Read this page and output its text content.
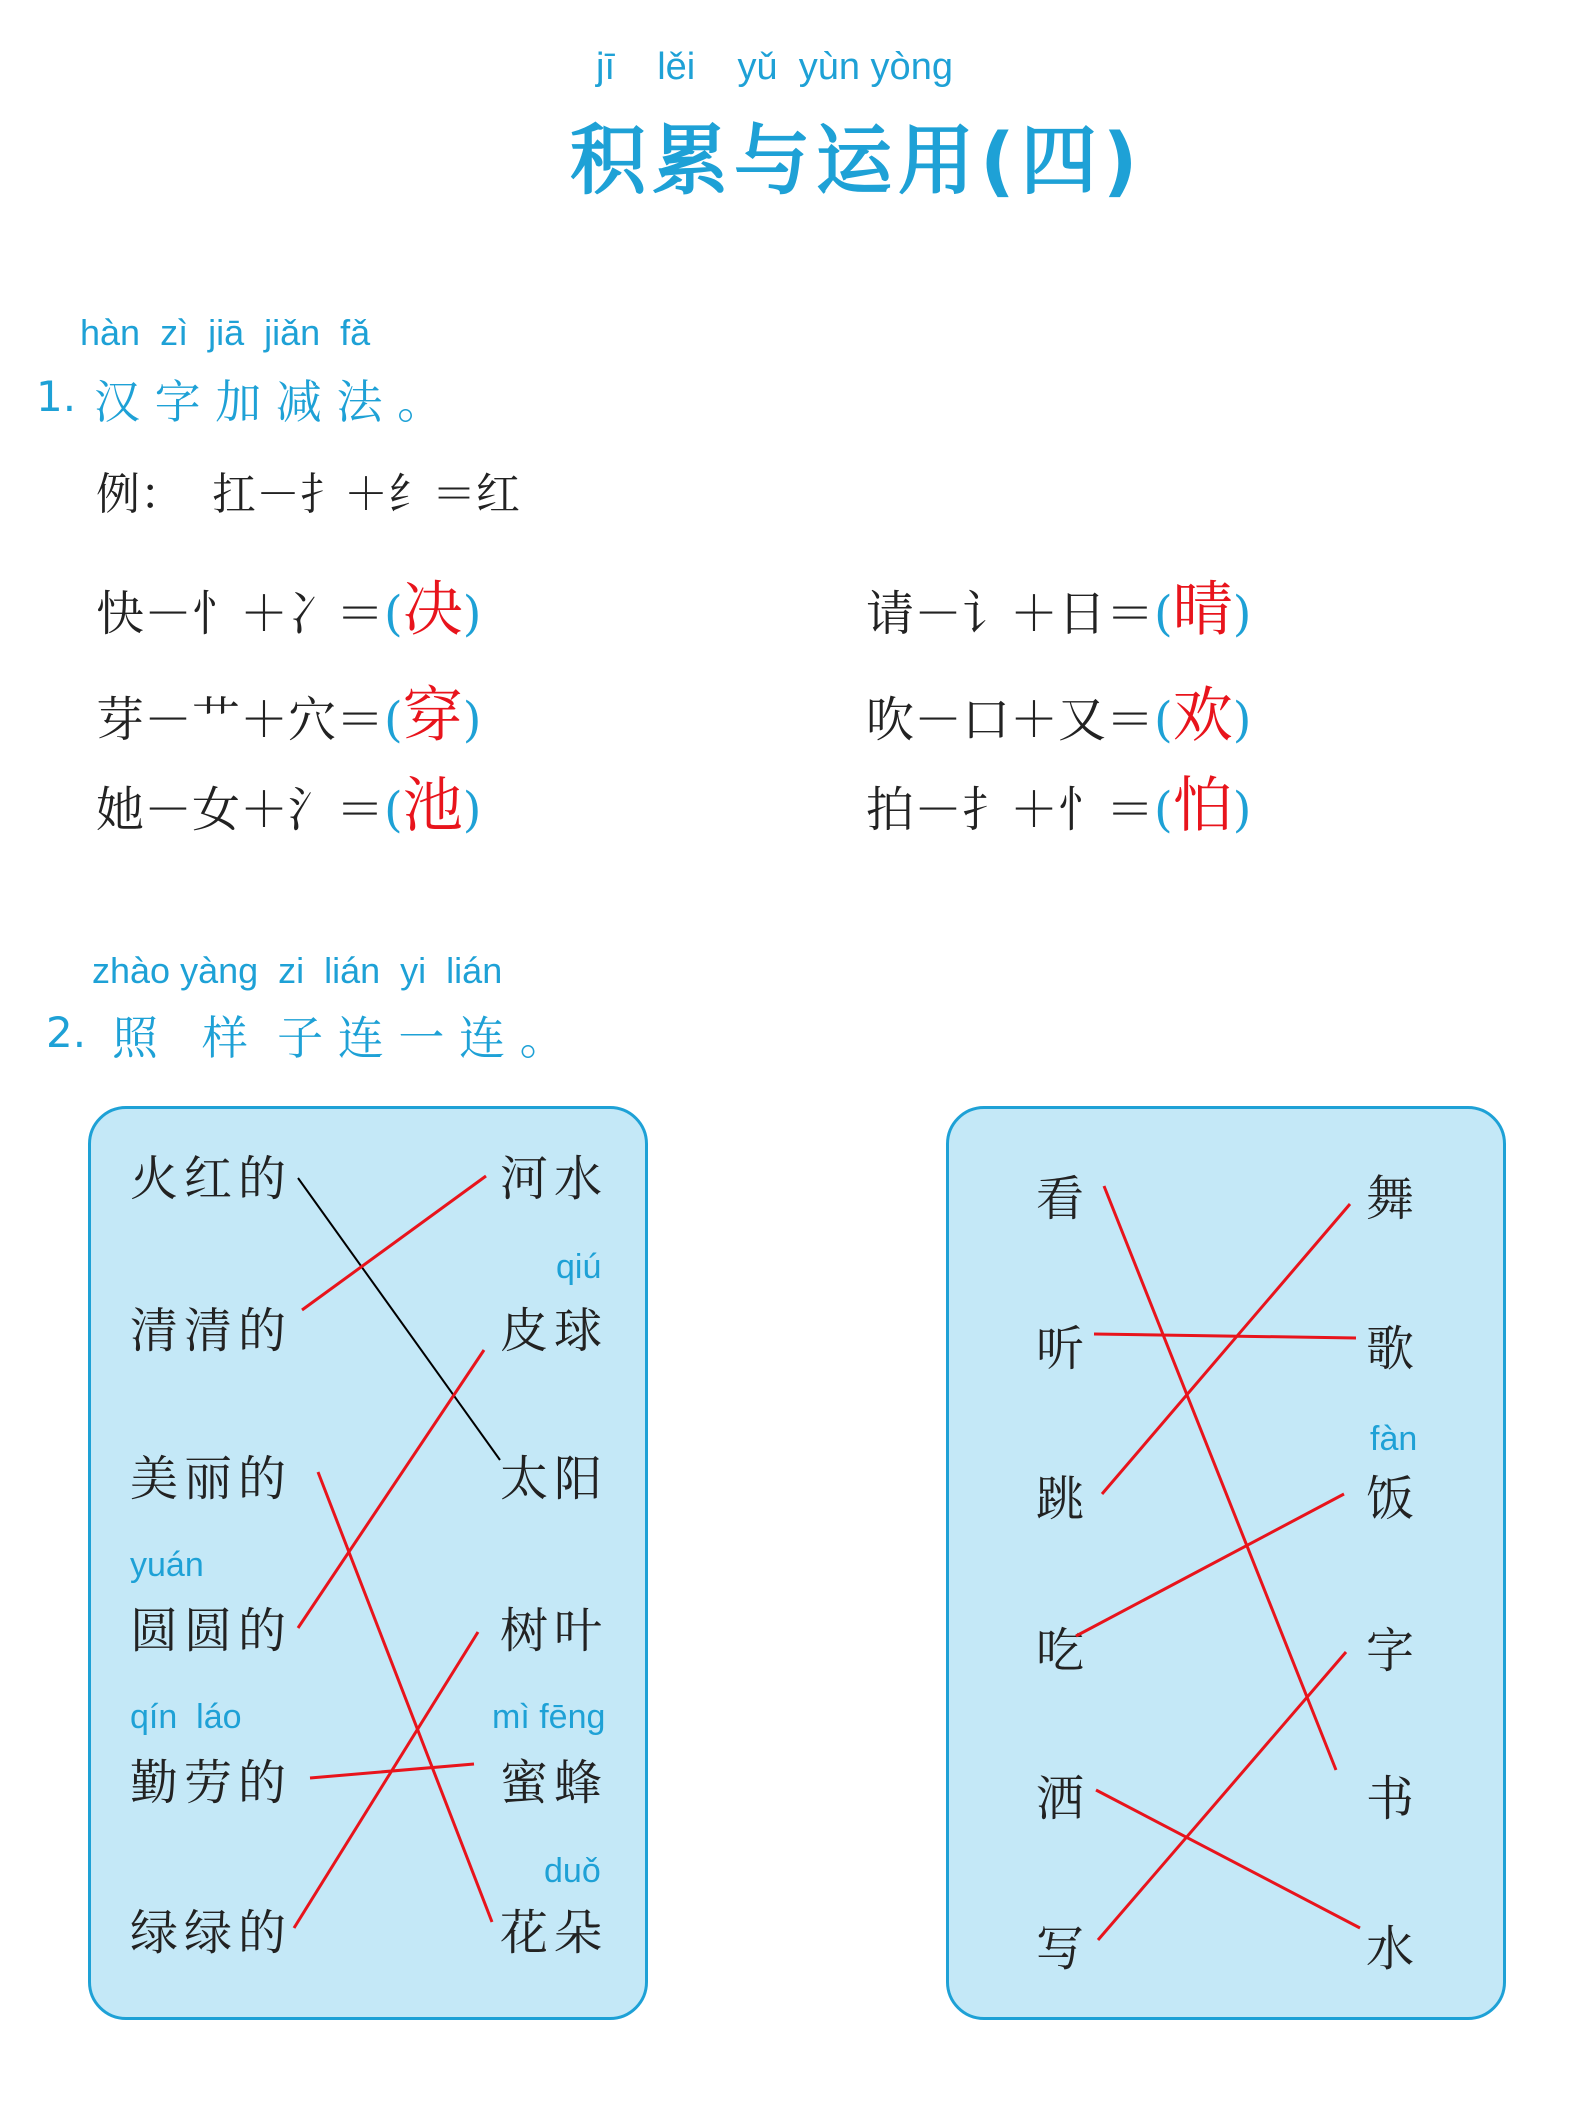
jī    lěi    yǔ  yùn yòng
积累与运用(四)
hàn  zì  jiā  jiǎn  fǎ
1. 汉 字 加 减 法 。
例：  扛－扌＋纟＝红
快－忄＋冫＝(决)	请－讠＋日＝(晴)
芽－艹＋穴＝(穿)	吹－口＋又＝(欢)
她－女＋氵＝(池)	拍－扌＋忄＝(怕)
zhào yàng  zi  lián  yi  lián
2. 照   样  子 连 一 连 。
火红的
清清的
美丽的
yuán
圆圆的
qín  láo
勤劳的
绿绿的
河水
qiú
皮球
太阳
树叶
mì fēng
蜜蜂
duǒ
花朵
看
听
跳
吃
洒
写
舞
歌
fàn
饭
字
书
水
